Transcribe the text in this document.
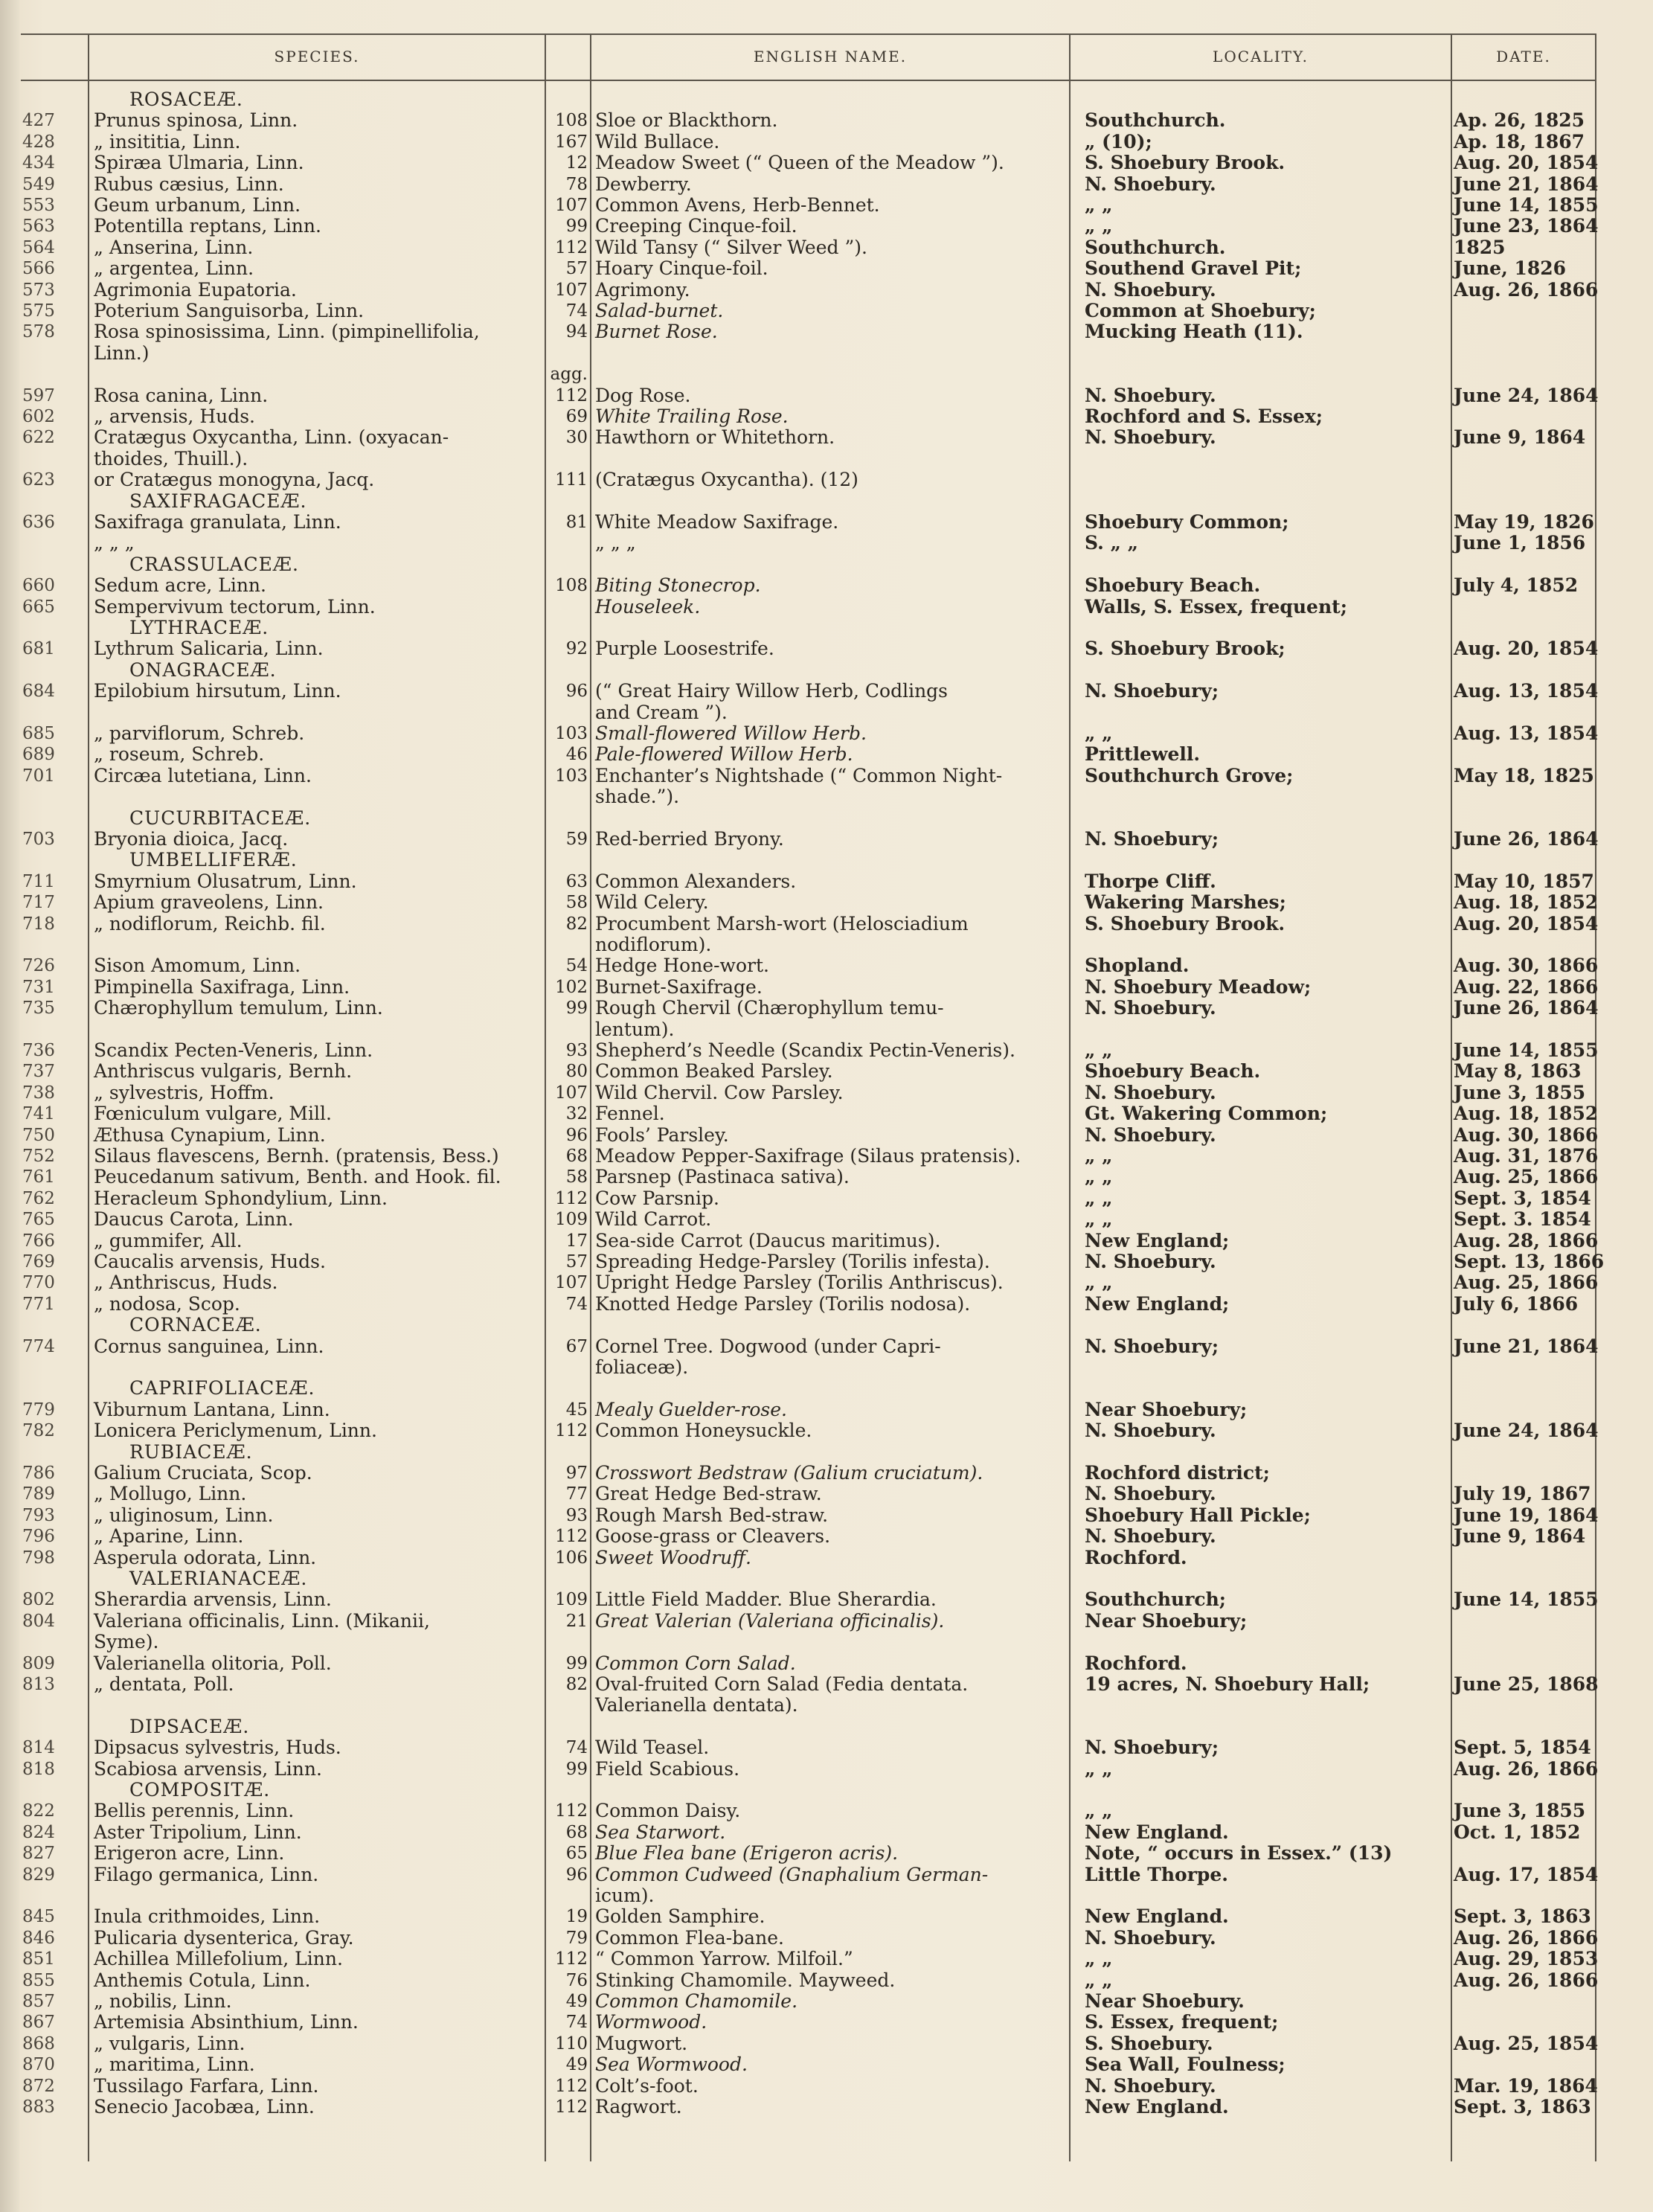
SPECIES.	ENGLISH NAME.	LOCALITY.	DATE.
ROSACEÆ.
427	Prunus spinosa, Linn.	108 Sloe or Blackthorn.	Southchurch.	Ap. 26, 1825
428	„ insititia, Linn.	167 Wild Bullace.	„ (10);	Ap. 18, 1867
434	Spiræa Ulmaria, Linn.	12 Meadow Sweet (“ Queen of the Meadow ”).	S. Shoebury Brook.	Aug. 20, 1854
549	Rubus cæsius, Linn.	78 Dewberry.	N. Shoebury.	June 21, 1864
553	Geum urbanum, Linn.	107 Common Avens, Herb-Bennet.	„ „	June 14, 1855
563	Potentilla reptans, Linn.	99 Creeping Cinque-foil.	„ „	June 23, 1864
564	„ Anserina, Linn.	112 Wild Tansy (“ Silver Weed ”).	Southchurch.	1825
566	„ argentea, Linn.	57 Hoary Cinque-foil.	Southend Gravel Pit;	June, 1826
573	Agrimonia Eupatoria.	107 Agrimony.	N. Shoebury.	Aug. 26, 1866
575	Poterium Sanguisorba, Linn.	74 Salad-burnet.	Common at Shoebury;
578	Rosa spinosissima, Linn. (pimpinellifolia,	94 Burnet Rose.	Mucking Heath (11).
Linn.)
agg.
597	Rosa canina, Linn.	112 Dog Rose.	N. Shoebury.	June 24, 1864
602	„ arvensis, Huds.	69 White Trailing Rose.	Rochford and S. Essex;
622	Cratægus Oxycantha, Linn. (oxyacan-	30 Hawthorn or Whitethorn.	N. Shoebury.	June 9, 1864
thoides, Thuill.).
623	or Cratægus monogyna, Jacq.	111 (Cratægus Oxycantha). (12)
SAXIFRAGACEÆ.
636	Saxifraga granulata, Linn.	81 White Meadow Saxifrage.	Shoebury Common;	May 19, 1826
„ „ „	„ „ „	S. „ „	June 1, 1856
CRASSULACEÆ.
660	Sedum acre, Linn.	108 Biting Stonecrop.	Shoebury Beach.	July 4, 1852
665	Sempervivum tectorum, Linn.	Houseleek.	Walls, S. Essex, frequent;
LYTHRACEÆ.
681	Lythrum Salicaria, Linn.	92 Purple Loosestrife.	S. Shoebury Brook;	Aug. 20, 1854
ONAGRACEÆ.
684	Epilobium hirsutum, Linn.	96 (“ Great Hairy Willow Herb, Codlings	N. Shoebury;	Aug. 13, 1854
and Cream ”).
685	„ parviflorum, Schreb.	103 Small-flowered Willow Herb.	„ „	Aug. 13, 1854
689	„ roseum, Schreb.	46 Pale-flowered Willow Herb.	Prittlewell.
701	Circæa lutetiana, Linn.	103 Enchanter’s Nightshade (“ Common Night-	Southchurch Grove;	May 18, 1825
shade.”).
CUCURBITACEÆ.
703	Bryonia dioica, Jacq.	59 Red-berried Bryony.	N. Shoebury;	June 26, 1864
UMBELLIFERÆ.
711	Smyrnium Olusatrum, Linn.	63 Common Alexanders.	Thorpe Cliff.	May 10, 1857
717	Apium graveolens, Linn.	58 Wild Celery.	Wakering Marshes;	Aug. 18, 1852
718	„ nodiflorum, Reichb. fil.	82 Procumbent Marsh-wort (Helosciadium	S. Shoebury Brook.	Aug. 20, 1854
nodiflorum).
726	Sison Amomum, Linn.	54 Hedge Hone-wort.	Shopland.	Aug. 30, 1866
731	Pimpinella Saxifraga, Linn.	102 Burnet-Saxifrage.	N. Shoebury Meadow;	Aug. 22, 1866
735	Chærophyllum temulum, Linn.	99 Rough Chervil (Chærophyllum temu-	N. Shoebury.	June 26, 1864
lentum).
736	Scandix Pecten-Veneris, Linn.	93 Shepherd’s Needle (Scandix Pectin-Veneris).	„ „	June 14, 1855
737	Anthriscus vulgaris, Bernh.	80 Common Beaked Parsley.	Shoebury Beach.	May 8, 1863
738	„ sylvestris, Hoffm.	107 Wild Chervil. Cow Parsley.	N. Shoebury.	June 3, 1855
741	Fœniculum vulgare, Mill.	32 Fennel.	Gt. Wakering Common;	Aug. 18, 1852
750	Æthusa Cynapium, Linn.	96 Fools’ Parsley.	N. Shoebury.	Aug. 30, 1866
752	Silaus flavescens, Bernh. (pratensis, Bess.)	68 Meadow Pepper-Saxifrage (Silaus pratensis).	„ „	Aug. 31, 1876
761	Peucedanum sativum, Benth. and Hook. fil.	58 Parsnep (Pastinaca sativa).	„ „	Aug. 25, 1866
762	Heracleum Sphondylium, Linn.	112 Cow Parsnip.	„ „	Sept. 3, 1854
765	Daucus Carota, Linn.	109 Wild Carrot.	„ „	Sept. 3. 1854
766	„ gummifer, All.	17 Sea-side Carrot (Daucus maritimus).	New England;	Aug. 28, 1866
769	Caucalis arvensis, Huds.	57 Spreading Hedge-Parsley (Torilis infesta).	N. Shoebury.	Sept. 13, 1866
770	„ Anthriscus, Huds.	107 Upright Hedge Parsley (Torilis Anthriscus).	„ „	Aug. 25, 1866
771	„ nodosa, Scop.	74 Knotted Hedge Parsley (Torilis nodosa).	New England;	July 6, 1866
CORNACEÆ.
774	Cornus sanguinea, Linn.	67 Cornel Tree. Dogwood (under Capri-	N. Shoebury;	June 21, 1864
foliaceæ).
CAPRIFOLIACEÆ.
779	Viburnum Lantana, Linn.	45 Mealy Guelder-rose.	Near Shoebury;
782	Lonicera Periclymenum, Linn.	112 Common Honeysuckle.	N. Shoebury.	June 24, 1864
RUBIACEÆ.
786	Galium Cruciata, Scop.	97 Crosswort Bedstraw (Galium cruciatum).	Rochford district;
789	„ Mollugo, Linn.	77 Great Hedge Bed-straw.	N. Shoebury.	July 19, 1867
793	„ uliginosum, Linn.	93 Rough Marsh Bed-straw.	Shoebury Hall Pickle;	June 19, 1864
796	„ Aparine, Linn.	112 Goose-grass or Cleavers.	N. Shoebury.	June 9, 1864
798	Asperula odorata, Linn.	106 Sweet Woodruff.	Rochford.
VALERIANACEÆ.
802	Sherardia arvensis, Linn.	109 Little Field Madder. Blue Sherardia.	Southchurch;	June 14, 1855
804	Valeriana officinalis, Linn. (Mikanii,	21 Great Valerian (Valeriana officinalis).	Near Shoebury;
Syme).
809	Valerianella olitoria, Poll.	99 Common Corn Salad.	Rochford.
813	„ dentata, Poll.	82 Oval-fruited Corn Salad (Fedia dentata.	19 acres, N. Shoebury Hall;	June 25, 1868
Valerianella dentata).
DIPSACEÆ.
814	Dipsacus sylvestris, Huds.	74 Wild Teasel.	N. Shoebury;	Sept. 5, 1854
818	Scabiosa arvensis, Linn.	99 Field Scabious.	„ „	Aug. 26, 1866
COMPOSITÆ.
822	Bellis perennis, Linn.	112 Common Daisy.	„ „	June 3, 1855
824	Aster Tripolium, Linn.	68 Sea Starwort.	New England.	Oct. 1, 1852
827	Erigeron acre, Linn.	65 Blue Flea bane (Erigeron acris).	Note, “ occurs in Essex.” (13)
829	Filago germanica, Linn.	96 Common Cudweed (Gnaphalium German-	Little Thorpe.	Aug. 17, 1854
icum).
845	Inula crithmoides, Linn.	19 Golden Samphire.	New England.	Sept. 3, 1863
846	Pulicaria dysenterica, Gray.	79 Common Flea-bane.	N. Shoebury.	Aug. 26, 1866
851	Achillea Millefolium, Linn.	112 “ Common Yarrow. Milfoil.”	„ „	Aug. 29, 1853
855	Anthemis Cotula, Linn.	76 Stinking Chamomile. Mayweed.	„ „	Aug. 26, 1866
857	„ nobilis, Linn.	49 Common Chamomile.	Near Shoebury.
867	Artemisia Absinthium, Linn.	74 Wormwood.	S. Essex, frequent;
868	„ vulgaris, Linn.	110 Mugwort.	S. Shoebury.	Aug. 25, 1854
870	„ maritima, Linn.	49 Sea Wormwood.	Sea Wall, Foulness;
872	Tussilago Farfara, Linn.	112 Colt’s-foot.	N. Shoebury.	Mar. 19, 1864
883	Senecio Jacobæa, Linn.	112 Ragwort.	New England.	Sept. 3, 1863
